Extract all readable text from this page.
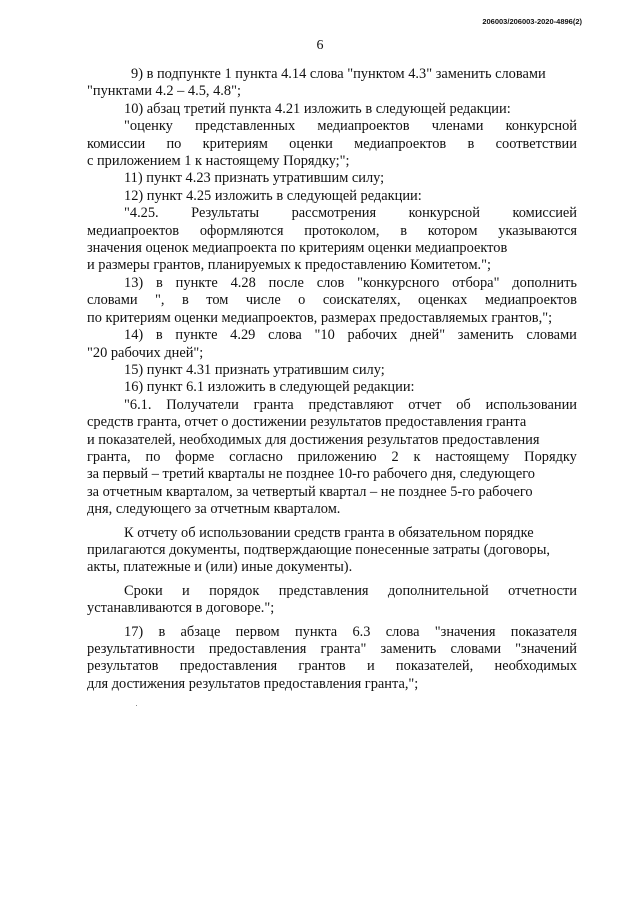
206003/206003-2020-4896(2)
6
9) в подпункте 1 пункта 4.14 слова "пунктом 4.3" заменить словами
"пунктами 4.2 – 4.5, 4.8";
10) абзац третий пункта 4.21 изложить в следующей редакции:
"оценку представленных медиапроектов членами конкурсной
комиссии по критериям оценки медиапроектов в соответствии
с приложением 1 к настоящему Порядку;";
11) пункт 4.23 признать утратившим силу;
12) пункт 4.25 изложить в следующей редакции:
"4.25. Результаты рассмотрения конкурсной комиссией
медиапроектов оформляются протоколом, в котором указываются
значения оценок медиапроекта по критериям оценки медиапроектов
и размеры грантов, планируемых к предоставлению Комитетом.";
13) в пункте 4.28 после слов "конкурсного отбора" дополнить
словами ", в том числе о соискателях, оценках медиапроектов
по критериям оценки медиапроектов, размерах предоставляемых грантов,";
14) в пункте 4.29 слова "10 рабочих дней" заменить словами
"20 рабочих дней";
15) пункт 4.31 признать утратившим силу;
16) пункт 6.1 изложить в следующей редакции:
"6.1. Получатели гранта представляют отчет об использовании
средств гранта, отчет о достижении результатов предоставления гранта
и показателей, необходимых для достижения результатов предоставления
гранта, по форме согласно приложению 2 к настоящему Порядку
за первый – третий кварталы не позднее 10-го рабочего дня, следующего
за отчетным кварталом, за четвертый квартал – не позднее 5-го рабочего
дня, следующего за отчетным кварталом.
К отчету об использовании средств гранта в обязательном порядке
прилагаются документы, подтверждающие понесенные затраты (договоры,
акты, платежные и (или) иные документы).
Сроки и порядок представления дополнительной отчетности
устанавливаются в договоре.";
17) в абзаце первом пункта 6.3 слова "значения показателя
результативности предоставления гранта" заменить словами "значений
результатов предоставления грантов и показателей, необходимых
для достижения результатов предоставления гранта,";
